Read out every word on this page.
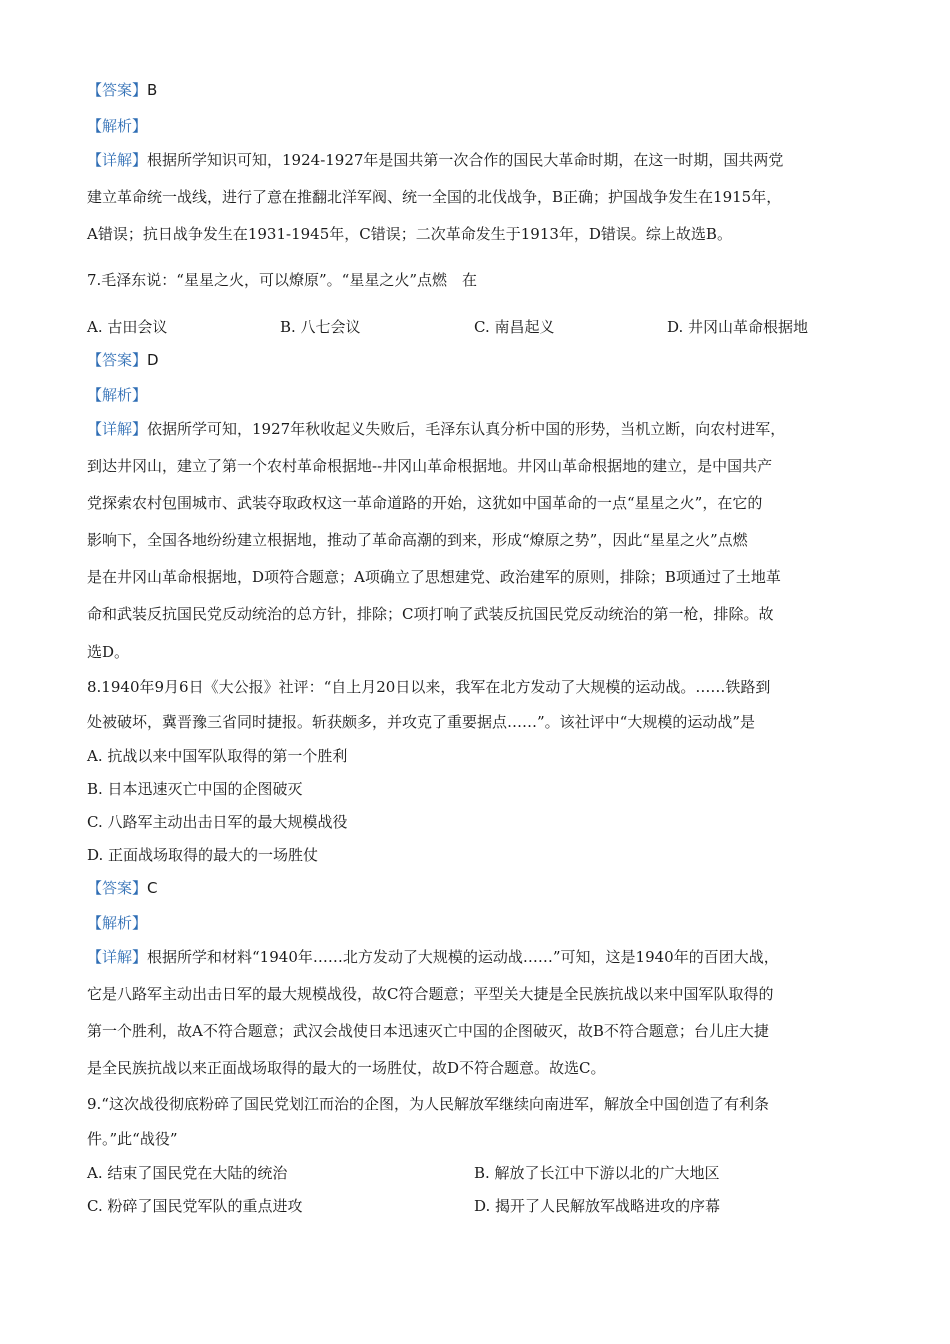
【答案】B
【解析】
【详解】根据所学知识可知，1924-1927年是国共第一次合作的国民大革命时期，在这一时期，国共两党
建立革命统一战线，进行了意在推翻北洋军阀、统一全国的北伐战争，B正确；护国战争发生在1915年，
A错误；抗日战争发生在1931-1945年，C错误；二次革命发生于1913年，D错误。综上故选B。
7.毛泽东说：“星星之火，可以燎原”。“星星之火”点燃　在
A. 古田会议	B. 八七会议	C. 南昌起义	D. 井冈山革命根据地
【答案】D
【解析】
【详解】依据所学可知，1927年秋收起义失败后，毛泽东认真分析中国的形势，当机立断，向农村进军，
到达井冈山，建立了第一个农村革命根据地--井冈山革命根据地。井冈山革命根据地的建立，是中国共产
党探索农村包围城市、武装夺取政权这一革命道路的开始，这犹如中国革命的一点“星星之火”，在它的
影响下，全国各地纷纷建立根据地，推动了革命高潮的到来，形成“燎原之势”，因此“星星之火”点燃
是在井冈山革命根据地，D项符合题意；A项确立了思想建党、政治建军的原则，排除；B项通过了土地革
命和武装反抗国民党反动统治的总方针，排除；C项打响了武装反抗国民党反动统治的第一枪，排除。故
选D。
8.1940年9月6日《大公报》社评：“自上月20日以来，我军在北方发动了大规模的运动战。……铁路到
处被破坏，冀晋豫三省同时捷报。斩获颇多，并攻克了重要据点……”。该社评中“大规模的运动战”是
A. 抗战以来中国军队取得的第一个胜利
B. 日本迅速灭亡中国的企图破灭
C. 八路军主动出击日军的最大规模战役
D. 正面战场取得的最大的一场胜仗
【答案】C
【解析】
【详解】根据所学和材料“1940年……北方发动了大规模的运动战……”可知，这是1940年的百团大战，
它是八路军主动出击日军的最大规模战役，故C符合题意；平型关大捷是全民族抗战以来中国军队取得的
第一个胜利，故A不符合题意；武汉会战使日本迅速灭亡中国的企图破灭，故B不符合题意；台儿庄大捷
是全民族抗战以来正面战场取得的最大的一场胜仗，故D不符合题意。故选C。
9.“这次战役彻底粉碎了国民党划江而治的企图，为人民解放军继续向南进军，解放全中国创造了有利条
件。”此“战役”
A. 结束了国民党在大陆的统治	B. 解放了长江中下游以北的广大地区
C. 粉碎了国民党军队的重点进攻	D. 揭开了人民解放军战略进攻的序幕
